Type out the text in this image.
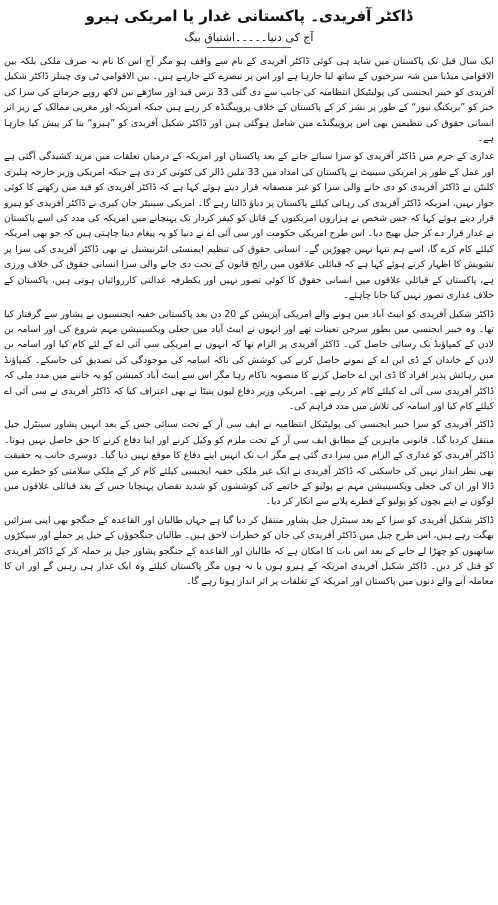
ڈاکٹر آفریدی۔ پاکستانی غدار یا امریکی ہیرو
آج کی دنیا۔۔۔۔۔اشتیاق بیگ

ایک سال قبل تک پاکستان میں شاید ہی کوئی ڈاکٹر آفریدی کے نام سے واقف ہو مگر آج اس کا نام نہ صرف ملکی بلکہ بین الاقوامی میڈیا میں شہ سرخیوں کے ساتھ لیا جارہا ہے اور اس پر تبصرے کئے جارہے ہیں۔ بین الاقوامی ٹی وی چینلز ڈاکٹر شکیل آفریدی کو خیبر ایجنسی کی پولیٹیکل انتظامیہ کی جانب سے دی گئی 33 برس قید اور ساڑھے تین لاکھ روپے جرمانے کی سزا کی خبر کو ”بریکنگ نیوز“ کے طور پر نشر کر کے پاکستان کے خلاف پروپیگنڈہ کر رہے ہیں جبکہ امریکہ اور مغربی ممالک کے زیر اثر انسانی حقوق کی تنظیمیں بھی اس پروپیگنڈے میں شامل ہوگئی ہیں اور ڈاکٹر شکیل آفریدی کو ”ہیرو“ بنا کر پیش کیا جارہا ہے۔

غداری کے جرم میں ڈاکٹر آفریدی کو سزا سنائے جانے کے بعد پاکستان اور امریکہ کے درمیان تعلقات میں مزید کشیدگی آگئی ہے اور عمل کے طور پر امریکی سینیٹ نے پاکستان کی امداد میں 33 ملین ڈالر کی کٹوتی کر دی ہے جبکہ امریکی وزیر خارجہ ہلیری کلنٹن نے ڈاکٹر آفریدی کو دی جانے والی سزا کو غیر منصفانہ قرار دیتے ہوئے کہا ہے کہ ڈاکٹر آفریدی کو قید میں رکھنے کا کوئی جواز نہیں، امریکہ ڈاکٹر آفریدی کی رہائی کیلئے پاکستان پر دباؤ ڈالتا رہے گا۔ امریکی سینیٹر جان کیری نے ڈاکٹر آفریدی کو ہیرو قرار دیتے ہوئے کہا کہ جس شخص نے ہزاروں امریکیوں کے قاتل کو کیفر کردار تک پہنچانے میں امریکہ کی مدد کی اسے پاکستان نے غدار قرار دے کر جیل بھیج دیا۔ اس طرح امریکی حکومت اور سی آئی اے نے دنیا کو یہ پیغام دینا چاہتی ہیں کہ جو بھی امریکہ کیلئے کام کرے گا، اسے ہم تنہا نہیں چھوڑیں گے۔ انسانی حقوق کی تنظیم ایمنسٹی انٹرنیشنل نے بھی ڈاکٹر آفریدی کی سزا پر تشویش کا اظہار کرتے ہوئے کہا ہے کہ قبائلی علاقوں میں رائج قانون کے تحت دی جانے والی سزا انسانی حقوق کی خلاف ورزی ہے، پاکستان کے قبائلی علاقوں میں انسانی حقوق کا کوئی تصور نہیں اور یکطرفہ عدالتی کارروائیاں ہوتی ہیں، پاکستان کے خلاف غداری تصور نہیں کیا جانا چاہئے۔

ڈاکٹر شکیل آفریدی کو ایبٹ آباد میں ہونے والے امریکی آپریشن کے 20 دن بعد پاکستانی خفیہ ایجنسیوں نے پشاور سے گرفتار کیا تھا۔ وہ خیبر ایجنسی میں بطور سرجن تعینات تھے اور انہوں نے ایبٹ آباد میں جعلی ویکسینیشن مہم شروع کی اور اسامہ بن لادن کے کمپاؤنڈ تک رسائی حاصل کی۔ ڈاکٹر آفریدی پر الزام تھا کہ انہوں نے امریکی سی آئی اے کے لئے کام کیا اور اسامہ بن لادن کے خاندان کے ڈی این اے کے نمونے حاصل کرنے کی کوشش کی تاکہ اسامہ کی موجودگی کی تصدیق کی جاسکے۔ کمپاؤنڈ میں رہائش پذیر افراد کا ڈی این اے حاصل کرنے کا منصوبہ ناکام رہا مگر اس سے ایبٹ آباد کمیشن کو یہ جاننے میں مدد ملی کہ ڈاکٹر آفریدی سی آئی اے کیلئے کام کر رہے تھے۔ امریکی وزیر دفاع لیون پنیٹا نے بھی اعتراف کیا کہ ڈاکٹر آفریدی نے سی آئی اے کیلئے کام کیا اور اسامہ کی تلاش میں مدد فراہم کی۔

ڈاکٹر آفریدی کو سزا خیبر ایجنسی کی پولیٹیکل انتظامیہ نے ایف سی آر کے تحت سنائی جس کے بعد انہیں پشاور سینٹرل جیل منتقل کردیا گیا۔ قانونی ماہرین کے مطابق ایف سی آر کے تحت ملزم کو وکیل کرنے اور اپنا دفاع کرنے کا حق حاصل نہیں ہوتا۔ ڈاکٹر آفریدی کو غداری کے الزام میں سزا دی گئی ہے مگر اب تک انہیں اپنے دفاع کا موقع نہیں دیا گیا۔ دوسری جانب یہ حقیقت بھی نظر انداز نہیں کی جاسکتی کہ ڈاکٹر آفریدی نے ایک غیر ملکی خفیہ ایجنسی کیلئے کام کر کے ملکی سلامتی کو خطرے میں ڈالا اور ان کی جعلی ویکسینیشن مہم نے پولیو کے خاتمے کی کوششوں کو شدید نقصان پہنچایا جس کے بعد قبائلی علاقوں میں لوگوں نے اپنے بچوں کو پولیو کے قطرے پلانے سے انکار کر دیا۔

ڈاکٹر شکیل آفریدی کو سزا کے بعد سینٹرل جیل پشاور منتقل کر دیا گیا ہے جہاں طالبان اور القاعدہ کے جنگجو بھی اپنی سزائیں بھگت رہے ہیں، اس طرح جیل میں ڈاکٹر آفریدی کی جان کو خطرات لاحق ہیں۔ طالبان جنگجوؤں کے جیل پر حملے اور سیکڑوں ساتھیوں کو چھڑا لے جانے کے بعد اس بات کا امکان ہے کہ طالبان اور القاعدہ کے جنگجو پشاور جیل پر حملہ کر کے ڈاکٹر آفریدی کو قتل کر دیں۔ ڈاکٹر شکیل آفریدی امریکہ کے ہیرو ہوں یا نہ ہوں مگر پاکستان کیلئے وہ ایک غدار ہی رہیں گے اور ان کا معاملہ آنے والے دنوں میں پاکستان اور امریکہ کے تعلقات پر اثر انداز ہوتا رہے گا۔
